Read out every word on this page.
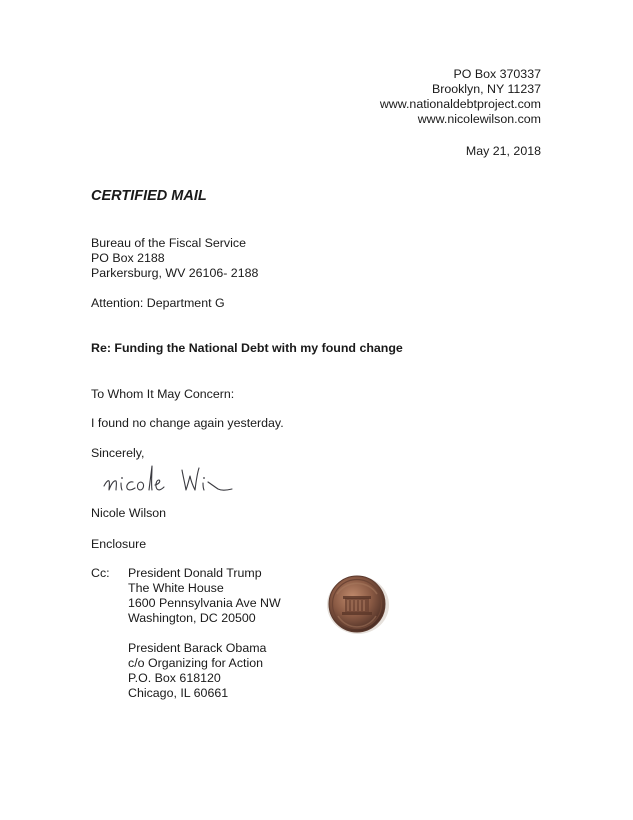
PO Box 370337
Brooklyn, NY 11237
www.nationaldebtproject.com
www.nicolewilson.com
May 21, 2018
CERTIFIED MAIL
Bureau of the Fiscal Service
PO Box 2188
Parkersburg, WV 26106- 2188
Attention: Department G
Re: Funding the National Debt with my found change
To Whom It May Concern:
I found no change again yesterday.
Sincerely,
Nicole Wilson
Enclosure
Cc: President Donald Trump
The White House
1600 Pennsylvania Ave NW
Washington, DC 20500
President Barack Obama
c/o Organizing for Action
P.O. Box 618120
Chicago, IL 60661
